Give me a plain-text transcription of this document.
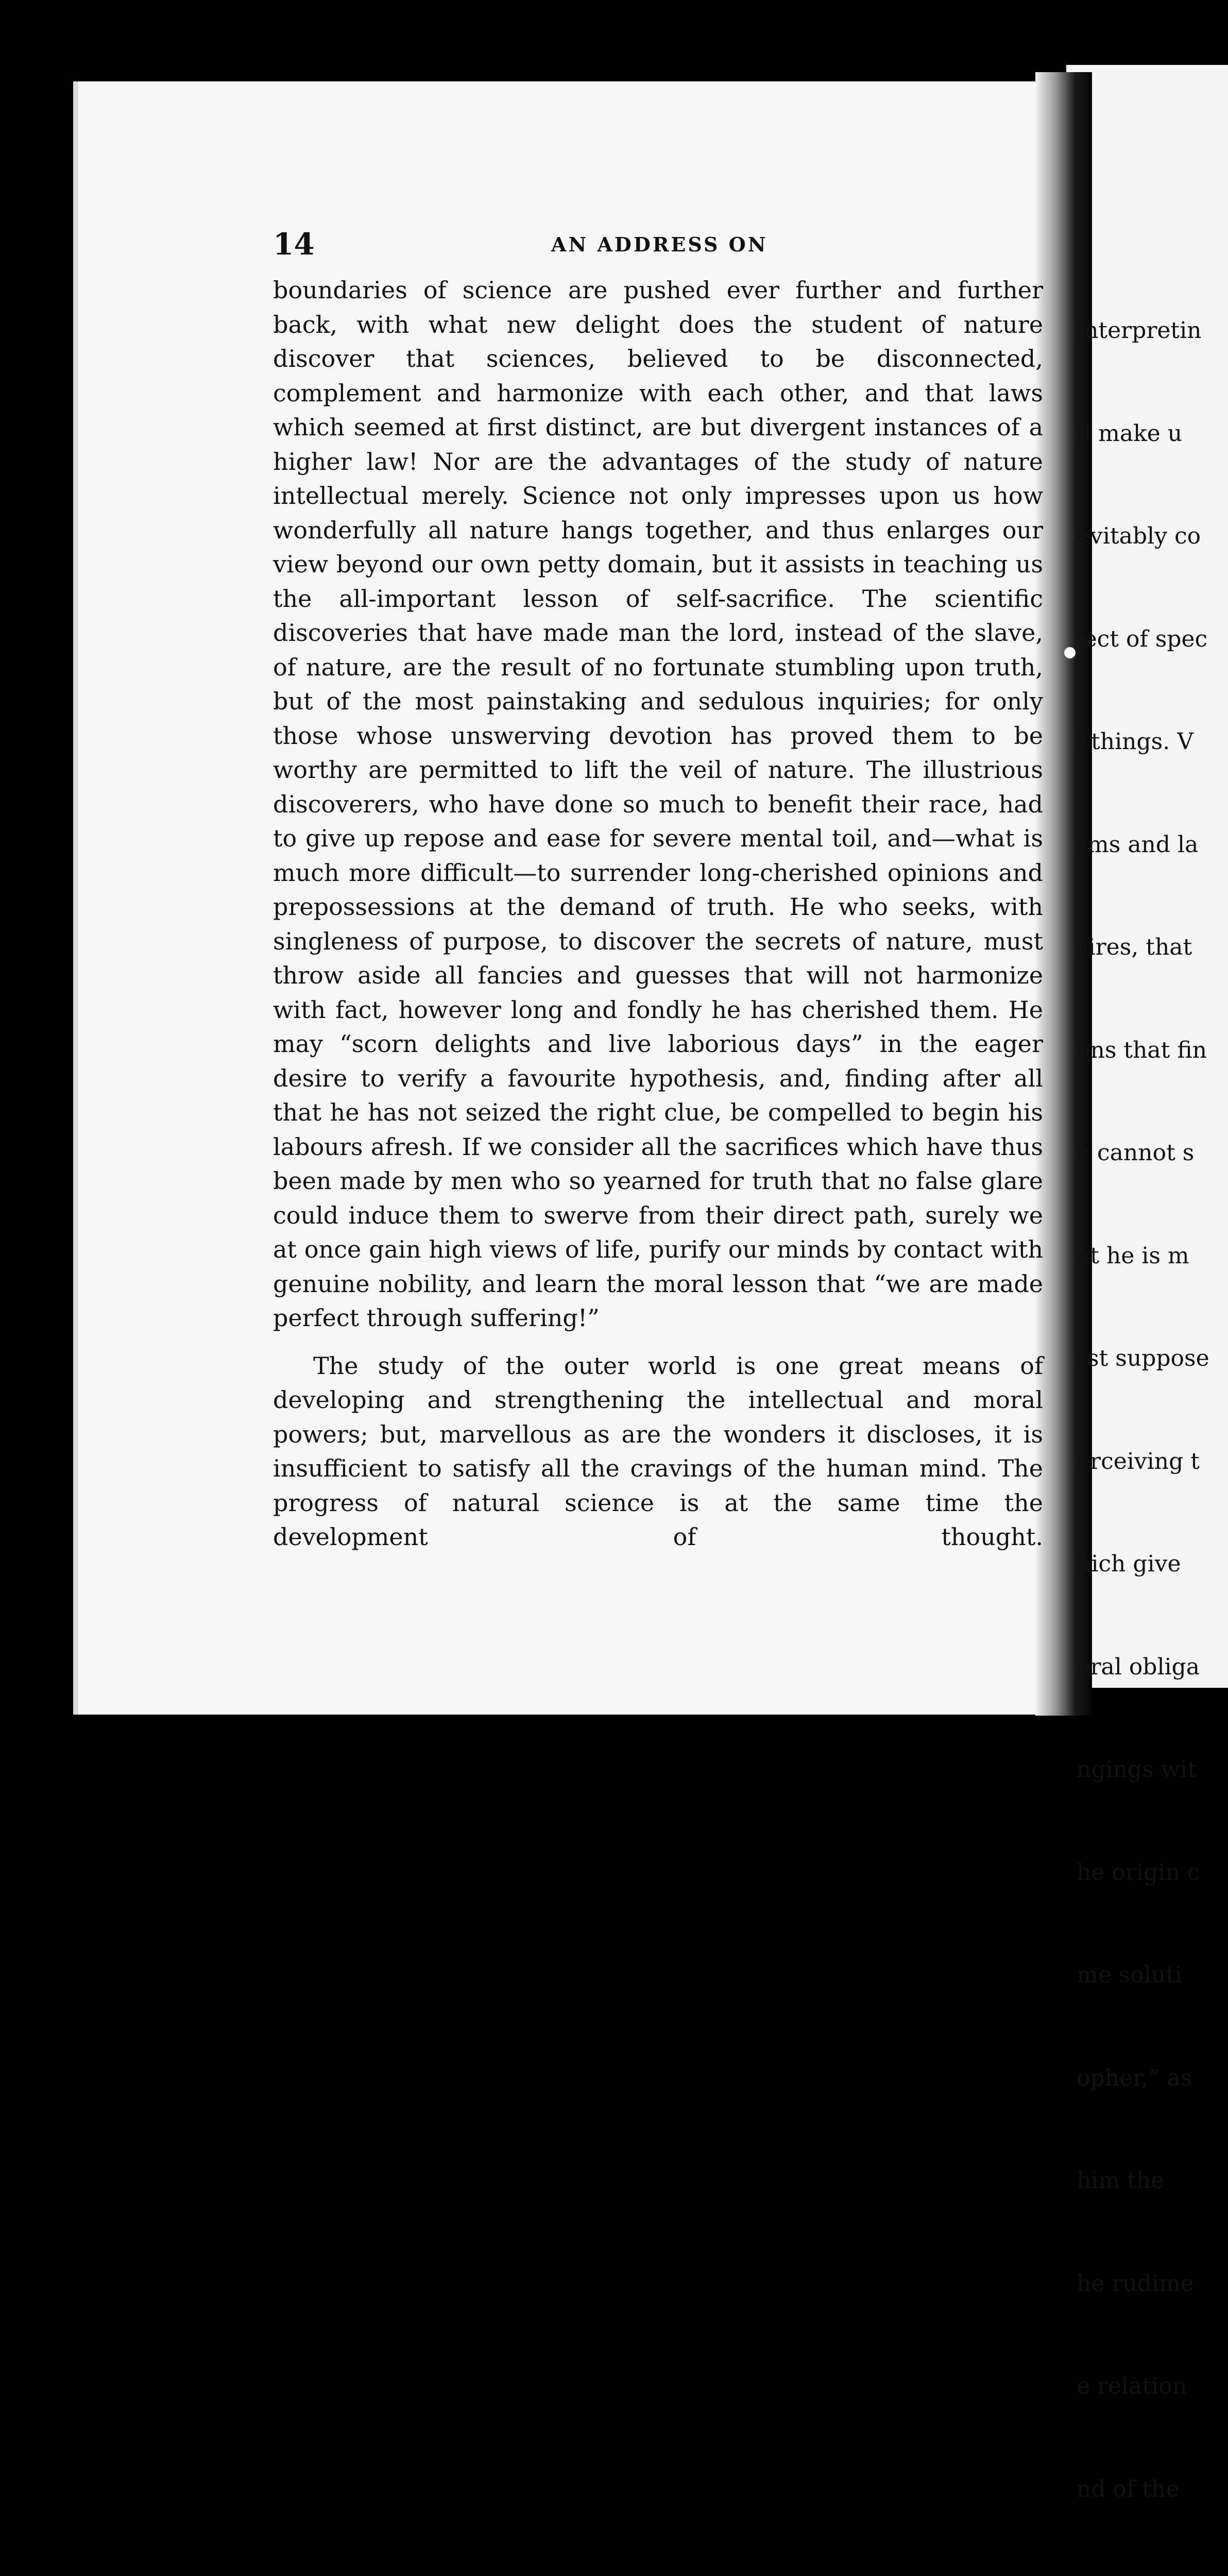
14	AN ADDRESS ON

boundaries of science are pushed ever further and further back, with what new delight does the student of nature discover that sciences, believed to be disconnected, complement and harmonize with each other, and that laws which seemed at first distinct, are but divergent instances of a higher law! Nor are the advantages of the study of nature intellectual merely. Science not only impresses upon us how wonderfully all nature hangs together, and thus enlarges our view beyond our own petty domain, but it assists in teaching us the all-important lesson of self-sacrifice. The scientific discoveries that have made man the lord, instead of the slave, of nature, are the result of no fortunate stumbling upon truth, but of the most painstaking and sedulous inquiries; for only those whose unswerving devotion has proved them to be worthy are permitted to lift the veil of nature. The illustrious discoverers, who have done so much to benefit their race, had to give up repose and ease for severe mental toil, and—what is much more difficult—to surrender long-cherished opinions and prepossessions at the demand of truth. He who seeks, with singleness of purpose, to discover the secrets of nature, must throw aside all fancies and guesses that will not harmonize with fact, however long and fondly he has cherished them. He may “scorn delights and live laborious days” in the eager desire to verify a favourite hypothesis, and, finding after all that he has not seized the right clue, be compelled to begin his labours afresh. If we consider all the sacrifices which have thus been made by men who so yearned for truth that no false glare could induce them to swerve from their direct path, surely we at once gain high views of life, purify our minds by contact with genuine nobility, and learn the moral lesson that “we are made perfect through suffering!”

The study of the outer world is one great means of developing and strengthening the intellectual and moral powers; but, marvellous as are the wonders it discloses, it is insufficient to satisfy all the cravings of the human mind. The progress of natural science is at the same time the development of thought.

interpretin

d make u

evitably co

ject of spec

l things. V

rms and la

sires, that

ons that fin

e cannot s

at he is m

rst suppose

erceiving t

hich give

oral obliga

ngings wit

he origin c

me soluti

opher,” as

him the

he rudime

e relation

nd of the
